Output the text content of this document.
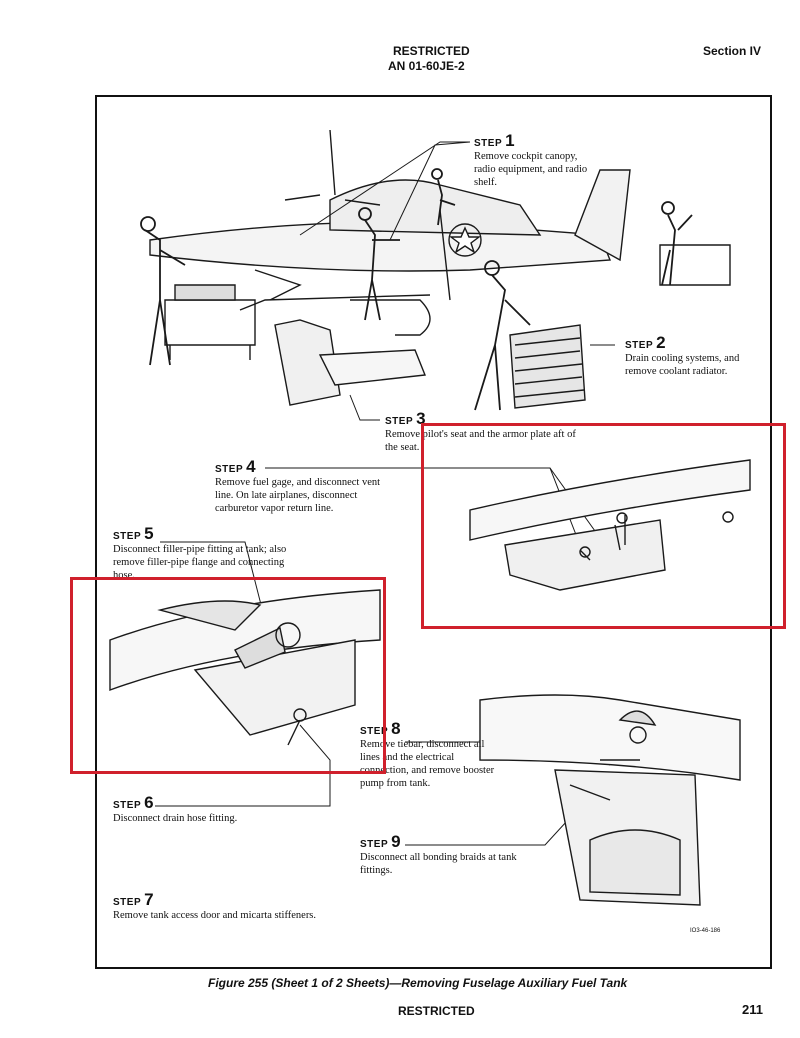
RESTRICTED
AN 01-60JE-2
Section IV
STEP 1
Remove cockpit canopy, radio equipment, and radio shelf.
STEP 2
Drain cooling systems, and remove coolant radiator.
STEP 3
Remove pilot's seat and the armor plate aft of the seat.
STEP 4
Remove fuel gage, and disconnect vent line. On late airplanes, disconnect carburetor vapor return line.
STEP 5
Disconnect filler-pipe fitting at tank; also remove filler-pipe flange and connecting hose.
STEP 6
Disconnect drain hose fitting.
STEP 7
Remove tank access door and micarta stiffeners.
STEP 8
Remove tiebar, disconnect all lines and the electrical connection, and remove booster pump from tank.
STEP 9
Disconnect all bonding braids at tank fittings.
IO3-46-186
Figure 255 (Sheet 1 of 2 Sheets)—Removing Fuselage Auxiliary Fuel Tank
RESTRICTED	211
